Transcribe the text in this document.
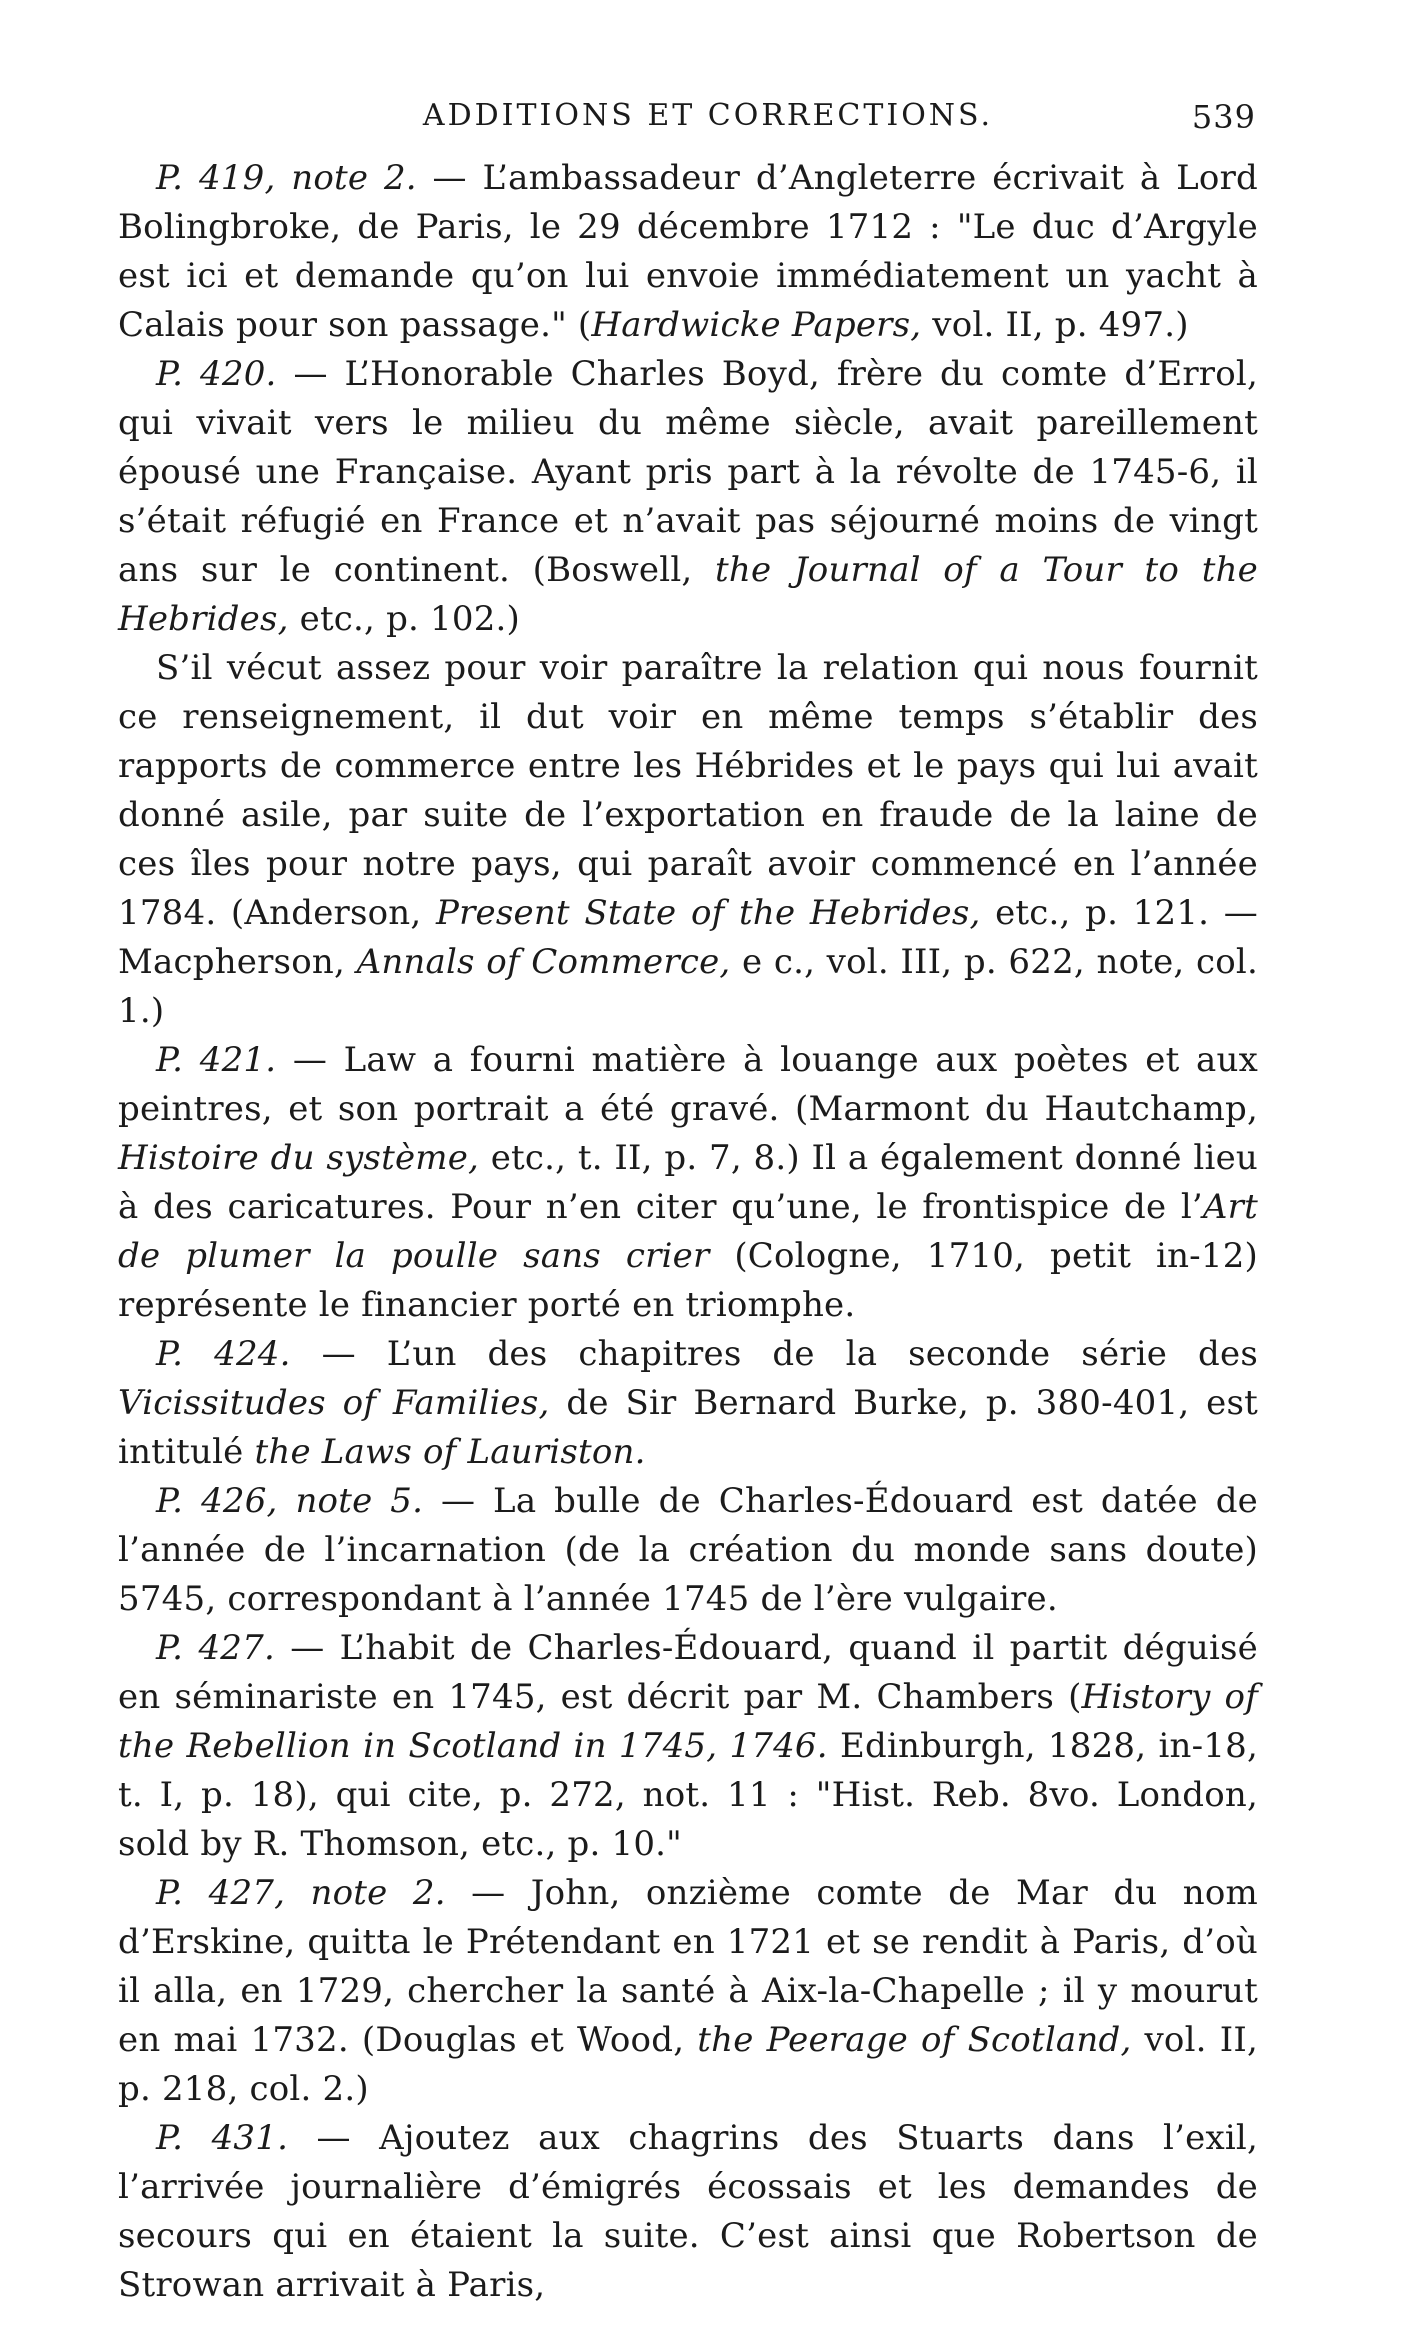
ADDITIONS ET CORRECTIONS.	539

P. 419, note 2. — L’ambassadeur d’Angleterre écrivait à Lord Bolingbroke, de Paris, le 29 décembre 1712 : "Le duc d’Argyle est ici et demande qu’on lui envoie immédiatement un yacht à Calais pour son passage." (Hardwicke Papers, vol. II, p. 497.)

P. 420. — L’Honorable Charles Boyd, frère du comte d’Errol, qui vivait vers le milieu du même siècle, avait pareillement épousé une Française. Ayant pris part à la révolte de 1745-6, il s’était réfugié en France et n’avait pas séjourné moins de vingt ans sur le continent. (Boswell, the Journal of a Tour to the Hebrides, etc., p. 102.)

S’il vécut assez pour voir paraître la relation qui nous fournit ce renseignement, il dut voir en même temps s’établir des rapports de commerce entre les Hébrides et le pays qui lui avait donné asile, par suite de l’exportation en fraude de la laine de ces îles pour notre pays, qui paraît avoir commencé en l’année 1784. (Anderson, Present State of the Hebrides, etc., p. 121. — Macpherson, Annals of Commerce, e c., vol. III, p. 622, note, col. 1.)

P. 421. — Law a fourni matière à louange aux poètes et aux peintres, et son portrait a été gravé. (Marmont du Hautchamp, Histoire du système, etc., t. II, p. 7, 8.) Il a également donné lieu à des caricatures. Pour n’en citer qu’une, le frontispice de l’Art de plumer la poulle sans crier (Cologne, 1710, petit in-12) représente le financier porté en triomphe.

P. 424. — L’un des chapitres de la seconde série des Vicissitudes of Families, de Sir Bernard Burke, p. 380-401, est intitulé the Laws of Lauriston.

P. 426, note 5. — La bulle de Charles-Édouard est datée de l’année de l’incarnation (de la création du monde sans doute) 5745, correspondant à l’année 1745 de l’ère vulgaire.

P. 427. — L’habit de Charles-Édouard, quand il partit déguisé en séminariste en 1745, est décrit par M. Chambers (History of the Rebellion in Scotland in 1745, 1746. Edinburgh, 1828, in-18, t. I, p. 18), qui cite, p. 272, not. 11 : "Hist. Reb. 8vo. London, sold by R. Thomson, etc., p. 10."

P. 427, note 2. — John, onzième comte de Mar du nom d’Erskine, quitta le Prétendant en 1721 et se rendit à Paris, d’où il alla, en 1729, chercher la santé à Aix-la-Chapelle ; il y mourut en mai 1732. (Douglas et Wood, the Peerage of Scotland, vol. II, p. 218, col. 2.)

P. 431. — Ajoutez aux chagrins des Stuarts dans l’exil, l’arrivée journalière d’émigrés écossais et les demandes de secours qui en étaient la suite. C’est ainsi que Robertson de Strowan arrivait à Paris,
